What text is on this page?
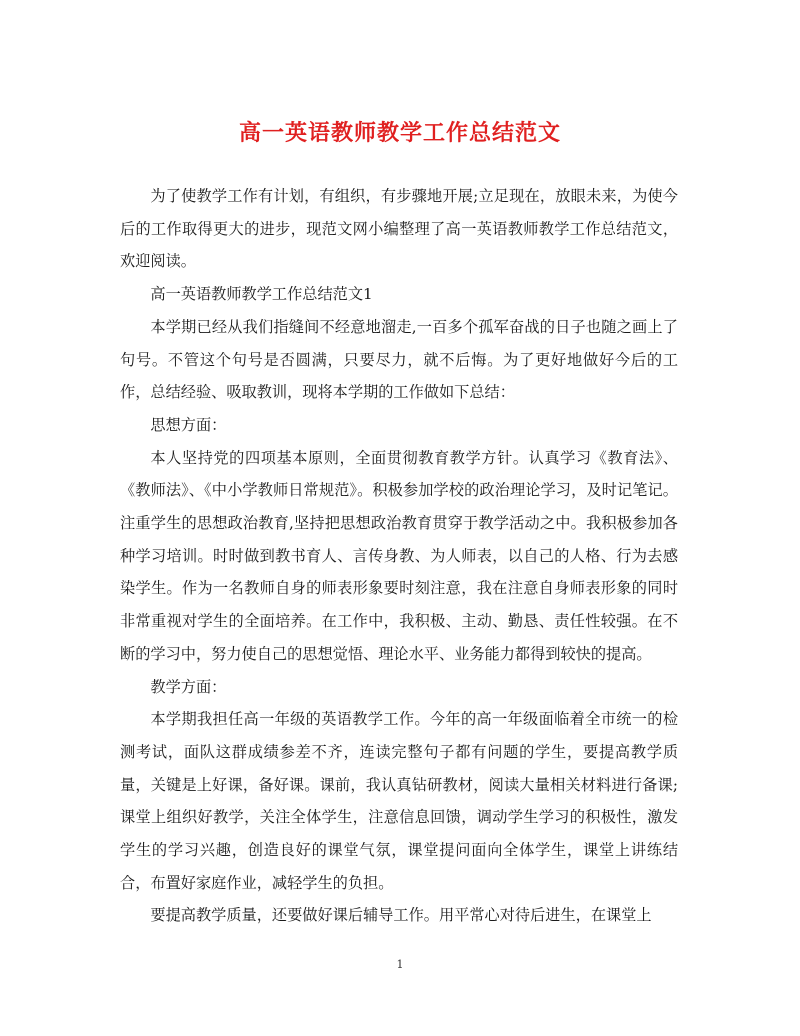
高一英语教师教学工作总结范文

为了使教学工作有计划，有组织，有步骤地开展;立足现在，放眼未来，为使今后的工作取得更大的进步，现范文网小编整理了高一英语教师教学工作总结范文，欢迎阅读。

高一英语教师教学工作总结范文1

本学期已经从我们指缝间不经意地溜走,一百多个孤军奋战的日子也随之画上了句号。不管这个句号是否圆满，只要尽力，就不后悔。为了更好地做好今后的工作，总结经验、吸取教训，现将本学期的工作做如下总结：

思想方面：

本人坚持党的四项基本原则，全面贯彻教育教学方针。认真学习《教育法》、《教师法》、《中小学教师日常规范》。积极参加学校的政治理论学习，及时记笔记。注重学生的思想政治教育,坚持把思想政治教育贯穿于教学活动之中。我积极参加各种学习培训。时时做到教书育人、言传身教、为人师表，以自己的人格、行为去感染学生。作为一名教师自身的师表形象要时刻注意，我在注意自身师表形象的同时非常重视对学生的全面培养。在工作中，我积极、主动、勤恳、责任性较强。在不断的学习中，努力使自己的思想觉悟、理论水平、业务能力都得到较快的提高。

教学方面：

本学期我担任高一年级的英语教学工作。今年的高一年级面临着全市统一的检测考试，面队这群成绩参差不齐，连读完整句子都有问题的学生，要提高教学质量，关键是上好课，备好课。课前，我认真钻研教材，阅读大量相关材料进行备课;课堂上组织好教学，关注全体学生，注意信息回馈，调动学生学习的积极性，激发学生的学习兴趣，创造良好的课堂气氛，课堂提问面向全体学生，课堂上讲练结合，布置好家庭作业，减轻学生的负担。

要提高教学质量，还要做好课后辅导工作。用平常心对待后进生，在课堂上

1
